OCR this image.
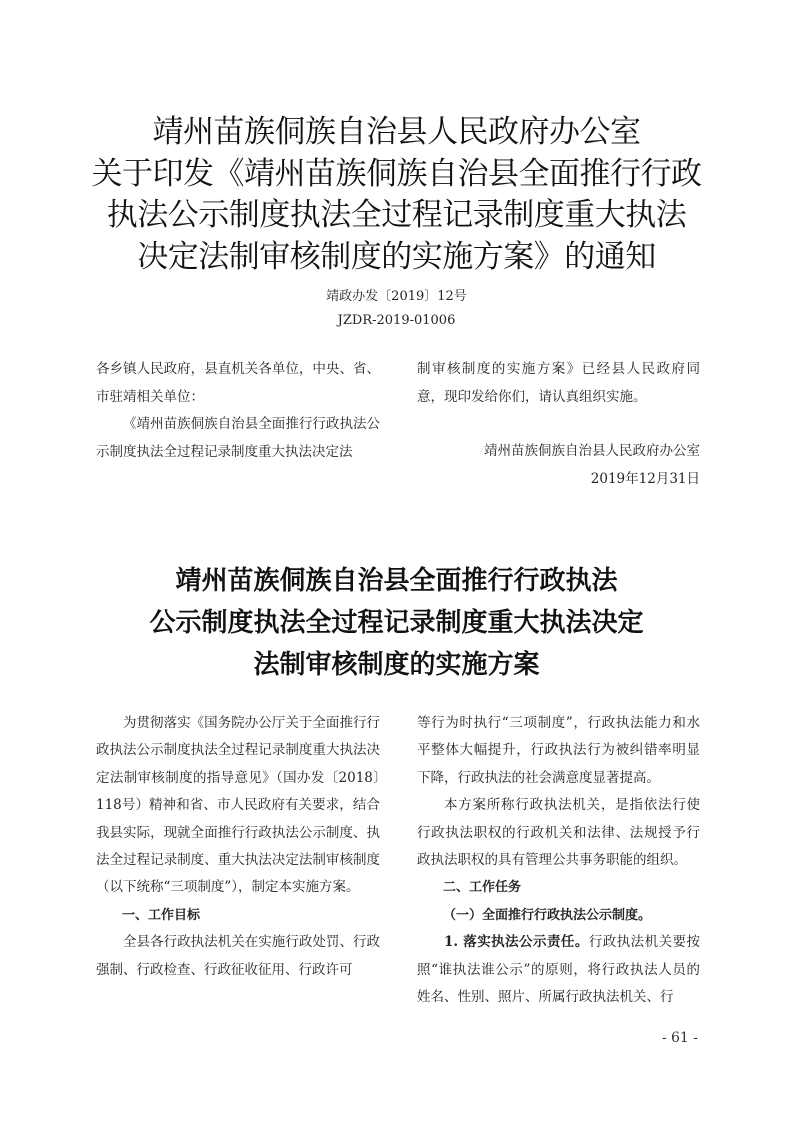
靖州苗族侗族自治县人民政府办公室
关于印发《靖州苗族侗族自治县全面推行行政
执法公示制度执法全过程记录制度重大执法
决定法制审核制度的实施方案》的通知
靖政办发〔2019〕12号
JZDR-2019-01006

各乡镇人民政府，县直机关各单位，中央、省、市驻靖相关单位：

《靖州苗族侗族自治县全面推行行政执法公示制度执法全过程记录制度重大执法决定法

制审核制度的实施方案》已经县人民政府同意，现印发给你们，请认真组织实施。

靖州苗族侗族自治县人民政府办公室

2019年12月31日

靖州苗族侗族自治县全面推行行政执法
公示制度执法全过程记录制度重大执法决定
法制审核制度的实施方案

为贯彻落实《国务院办公厅关于全面推行行政执法公示制度执法全过程记录制度重大执法决定法制审核制度的指导意见》（国办发〔2018〕118号）精神和省、市人民政府有关要求，结合我县实际，现就全面推行行政执法公示制度、执法全过程记录制度、重大执法决定法制审核制度（以下统称“三项制度”），制定本实施方案。

一、工作目标

全县各行政执法机关在实施行政处罚、行政强制、行政检查、行政征收征用、行政许可

等行为时执行“三项制度”，行政执法能力和水平整体大幅提升，行政执法行为被纠错率明显下降，行政执法的社会满意度显著提高。

本方案所称行政执法机关，是指依法行使行政执法职权的行政机关和法律、法规授予行政执法职权的具有管理公共事务职能的组织。

二、工作任务

（一）全面推行行政执法公示制度。

1. 落实执法公示责任。行政执法机关要按照“谁执法谁公示”的原则，将行政执法人员的姓名、性别、照片、所属行政执法机关、行

- 61 -
